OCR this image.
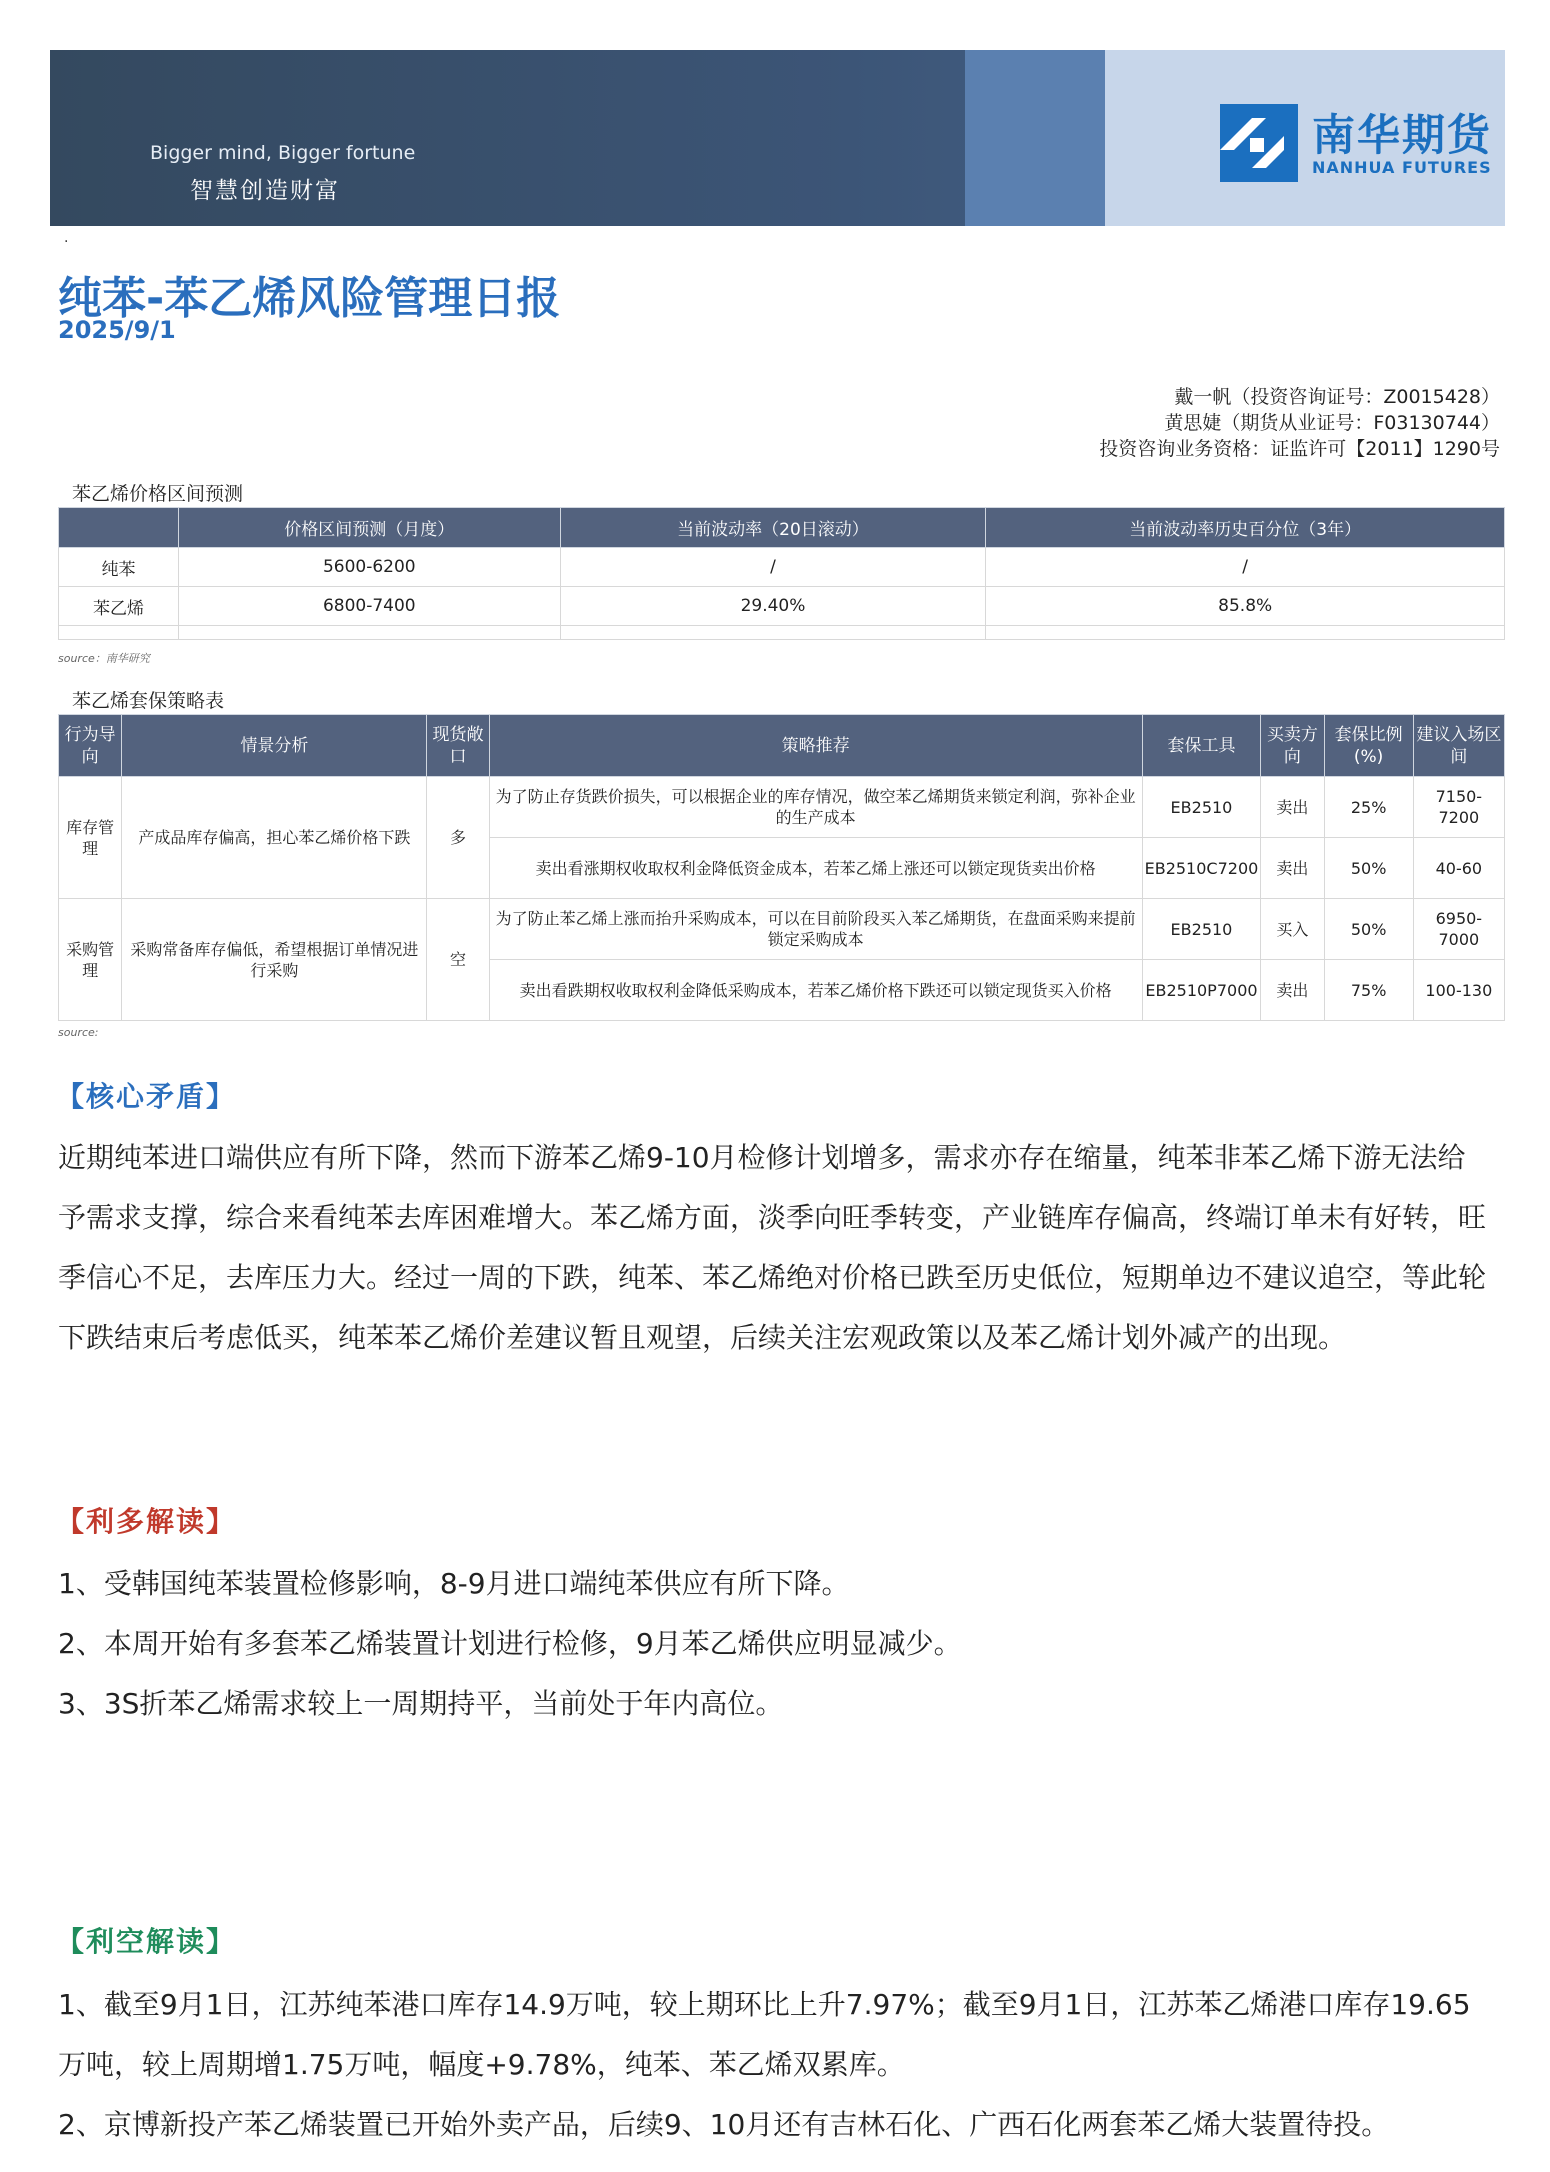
Bigger mind, Bigger fortune
智慧创造财富
南华期货
NANHUA FUTURES
.
纯苯-苯乙烯风险管理日报
2025/9/1
戴一帆（投资咨询证号：Z0015428）
黄思婕（期货从业证号：F03130744）
投资咨询业务资格：证监许可【2011】1290号
苯乙烯价格区间预测
	价格区间预测（月度）	当前波动率（20日滚动）	当前波动率历史百分位（3年）
纯苯	5600-6200	/	/
苯乙烯	6800-7400	29.40%	85.8%

source：南华研究
苯乙烯套保策略表
行为导向	情景分析	现货敞口	策略推荐	套保工具	买卖方向	套保比例(%)	建议入场区间
库存管理	产成品库存偏高，担心苯乙烯价格下跌	多	为了防止存货跌价损失，可以根据企业的库存情况，做空苯乙烯期货来锁定利润，弥补企业的生产成本	EB2510	卖出	25%	7150-7200
			卖出看涨期权收取权利金降低资金成本，若苯乙烯上涨还可以锁定现货卖出价格	EB2510C7200	卖出	50%	40-60
采购管理	采购常备库存偏低，希望根据订单情况进行采购	空	为了防止苯乙烯上涨而抬升采购成本，可以在目前阶段买入苯乙烯期货，在盘面采购来提前锁定采购成本	EB2510	买入	50%	6950-7000
			卖出看跌期权收取权利金降低采购成本，若苯乙烯价格下跌还可以锁定现货买入价格	EB2510P7000	卖出	75%	100-130
source:
【核心矛盾】
近期纯苯进口端供应有所下降，然而下游苯乙烯9-10月检修计划增多，需求亦存在缩量，纯苯非苯乙烯下游无法给予需求支撑，综合来看纯苯去库困难增大。苯乙烯方面，淡季向旺季转变，产业链库存偏高，终端订单未有好转，旺季信心不足，去库压力大。经过一周的下跌，纯苯、苯乙烯绝对价格已跌至历史低位，短期单边不建议追空，等此轮下跌结束后考虑低买，纯苯苯乙烯价差建议暂且观望，后续关注宏观政策以及苯乙烯计划外减产的出现。
【利多解读】

1、受韩国纯苯装置检修影响，8-9月进口端纯苯供应有所下降。

2、本周开始有多套苯乙烯装置计划进行检修，9月苯乙烯供应明显减少。

3、3S折苯乙烯需求较上一周期持平，当前处于年内高位。

【利空解读】

1、截至9月1日，江苏纯苯港口库存14.9万吨，较上期环比上升7.97%；截至9月1日，江苏苯乙烯港口库存19.65万吨，较上周期增1.75万吨，幅度+9.78%，纯苯、苯乙烯双累库。

2、京博新投产苯乙烯装置已开始外卖产品，后续9、10月还有吉林石化、广西石化两套苯乙烯大装置待投。
